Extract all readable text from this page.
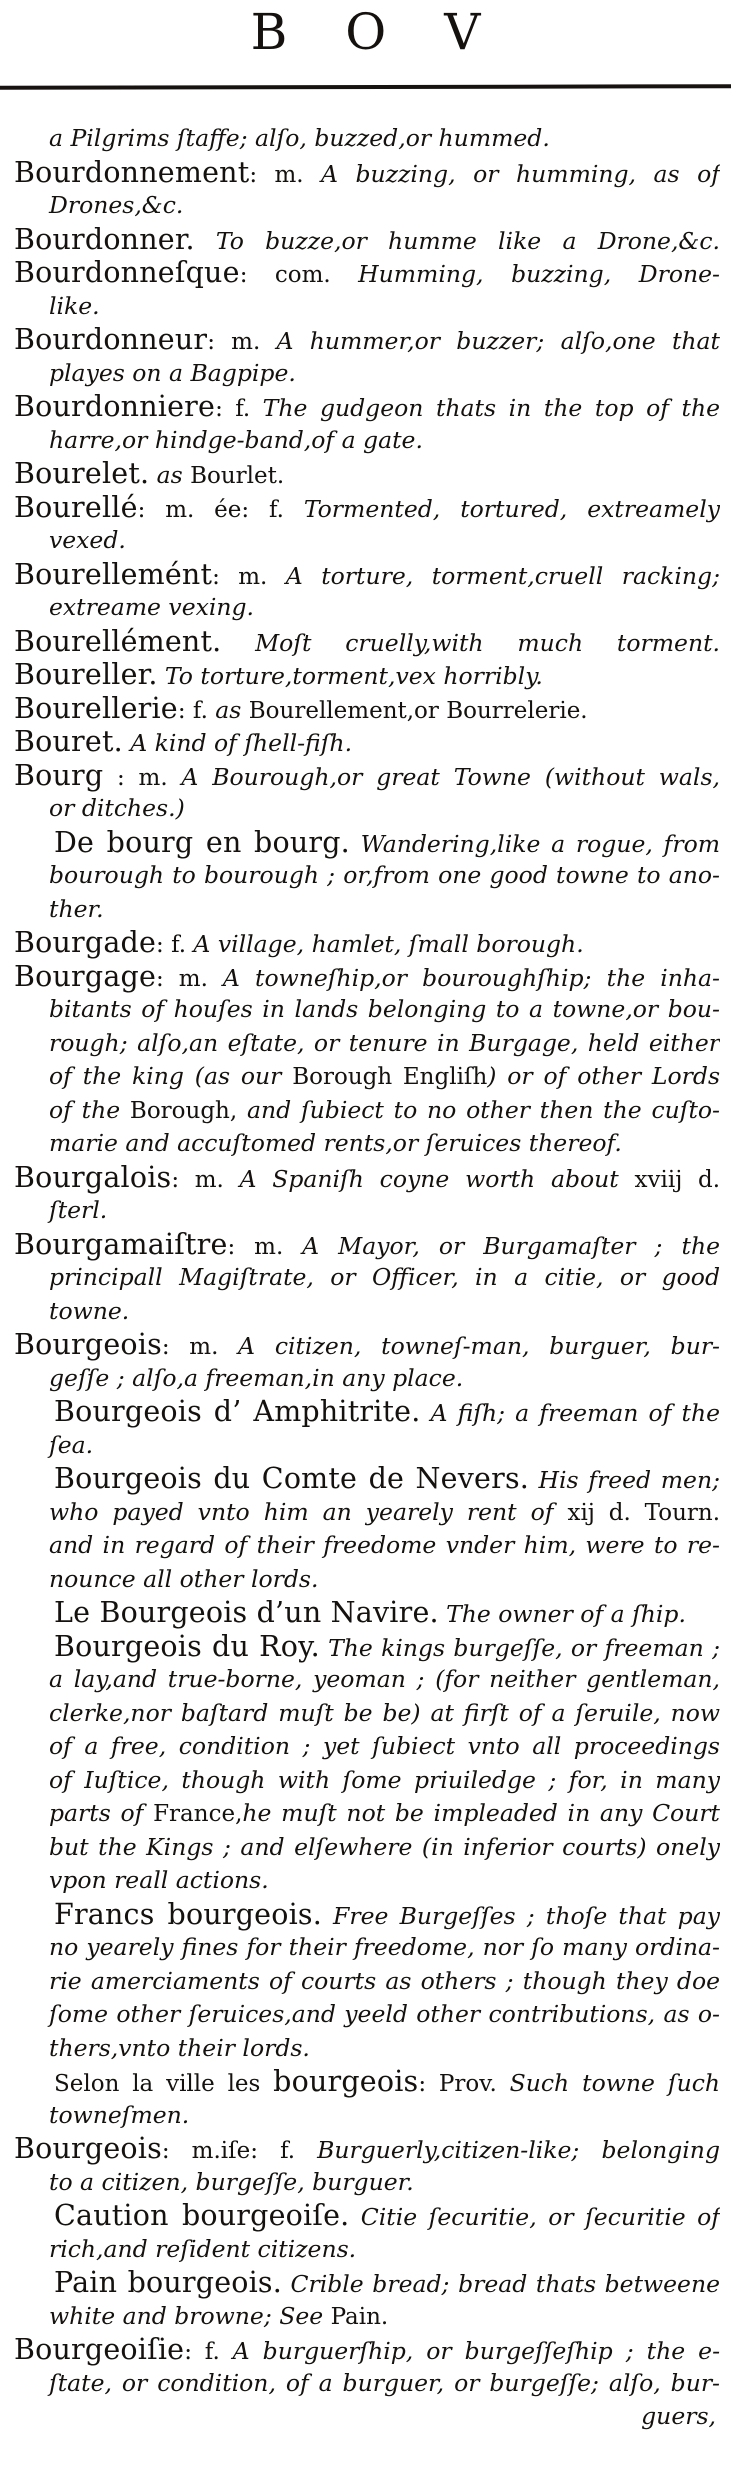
B O V
a Pilgrims ſtaffe; alſo, buzzed,or hummed.
Bourdonnement: m. A buzzing, or humming, as of
Drones,&c.
Bourdonner. To buzze,or humme like a Drone,&c.
Bourdonneſque: com. Humming, buzzing, Drone-
like.
Bourdonneur: m. A hummer,or buzzer; alſo,one that
playes on a Bagpipe.
Bourdonniere: f. The gudgeon thats in the top of the
harre,or hindge-band,of a gate.
Bourelet. as Bourlet.
Bourellé: m. ée: f. Tormented, tortured, extreamely
vexed.
Bourellemént: m. A torture, torment,cruell racking;
extreame vexing.
Bourellément. Moſt cruelly,with much torment.
Boureller. To torture,torment,vex horribly.
Bourellerie: f. as Bourellement,or Bourrelerie.
Bouret. A kind of ſhell-fiſh.
Bourg : m. A Bourough,or great Towne (without wals,
or ditches.)
De bourg en bourg. Wandering,like a rogue, from
bourough to bourough ; or,from one good towne to ano-
ther.
Bourgade: f. A village, hamlet, ſmall borough.
Bourgage: m. A towneſhip,or bouroughſhip; the inha-
bitants of houſes in lands belonging to a towne,or bou-
rough; alſo,an eſtate, or tenure in Burgage, held either
of the king (as our Borough Engliſh) or of other Lords
of the Borough, and ſubiect to no other then the cuſto-
marie and accuſtomed rents,or ſeruices thereof.
Bourgalois: m. A Spaniſh coyne worth about xviij d.
ſterl.
Bourgamaiſtre: m. A Mayor, or Burgamaſter ; the
principall Magiſtrate, or Officer, in a citie, or good
towne.
Bourgeois: m. A citizen, towneſ-man, burguer, bur-
geſſe ; alſo,a freeman,in any place.
Bourgeois d’ Amphitrite. A fiſh; a freeman of the
ſea.
Bourgeois du Comte de Nevers. His freed men;
who payed vnto him an yearely rent of xij d. Tourn.
and in regard of their freedome vnder him, were to re-
nounce all other lords.
Le Bourgeois d’un Navire. The owner of a ſhip.
Bourgeois du Roy. The kings burgeſſe, or freeman ;
a lay,and true-borne, yeoman ; (for neither gentleman,
clerke,nor baſtard muſt be be) at firſt of a ſeruile, now
of a free, condition ; yet ſubiect vnto all proceedings
of Iuſtice, though with ſome priuiledge ; for, in many
parts of France,he muſt not be impleaded in any Court
but the Kings ; and elſewhere (in inferior courts) onely
vpon reall actions.
Francs bourgeois. Free Burgeſſes ; thoſe that pay
no yearely fines for their freedome, nor ſo many ordina-
rie amerciaments of courts as others ; though they doe
ſome other ſeruices,and yeeld other contributions, as o-
thers,vnto their lords.
Selon la ville les bourgeois: Prov. Such towne ſuch
towneſmen.
Bourgeois: m.iſe: f. Burguerly,citizen-like; belonging
to a citizen, burgeſſe, burguer.
Caution bourgeoiſe. Citie ſecuritie, or ſecuritie of
rich,and reſident citizens.
Pain bourgeois. Crible bread; bread thats betweene
white and browne; See Pain.
Bourgeoiſie: f. A burguerſhip, or burgeſſeſhip ; the e-
ſtate, or condition, of a burguer, or burgeſſe; alſo, bur-
guers,
